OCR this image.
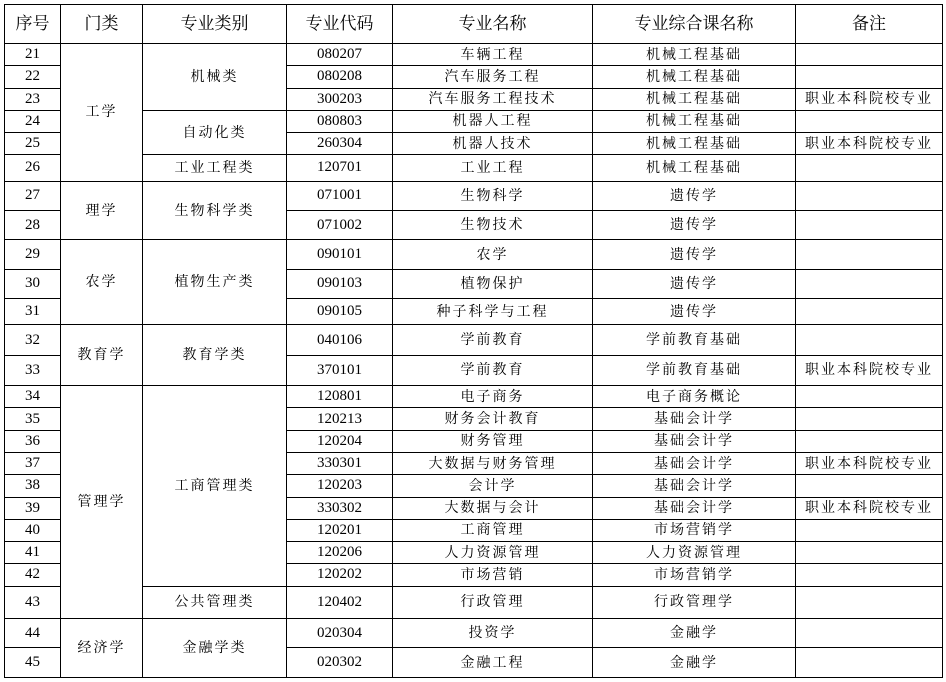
序号	门类	专业类别	专业代码	专业名称	专业综合课名称	备注
21	工学	机械类	080207	车辆工程	机械工程基础	
22			080208	汽车服务工程	机械工程基础	
23			300203	汽车服务工程技术	机械工程基础	职业本科院校专业
24		自动化类	080803	机器人工程	机械工程基础	
25			260304	机器人技术	机械工程基础	职业本科院校专业
26		工业工程类	120701	工业工程	机械工程基础	
27	理学	生物科学类	071001	生物科学	遗传学	
28			071002	生物技术	遗传学	
29	农学	植物生产类	090101	农学	遗传学	
30			090103	植物保护	遗传学	
31			090105	种子科学与工程	遗传学	
32	教育学	教育学类	040106	学前教育	学前教育基础	
33			370101	学前教育	学前教育基础	职业本科院校专业
34	管理学	工商管理类	120801	电子商务	电子商务概论	
35			120213	财务会计教育	基础会计学	
36			120204	财务管理	基础会计学	
37			330301	大数据与财务管理	基础会计学	职业本科院校专业
38			120203	会计学	基础会计学	
39			330302	大数据与会计	基础会计学	职业本科院校专业
40			120201	工商管理	市场营销学	
41			120206	人力资源管理	人力资源管理	
42			120202	市场营销	市场营销学	
43		公共管理类	120402	行政管理	行政管理学	
44	经济学	金融学类	020304	投资学	金融学	
45			020302	金融工程	金融学	
